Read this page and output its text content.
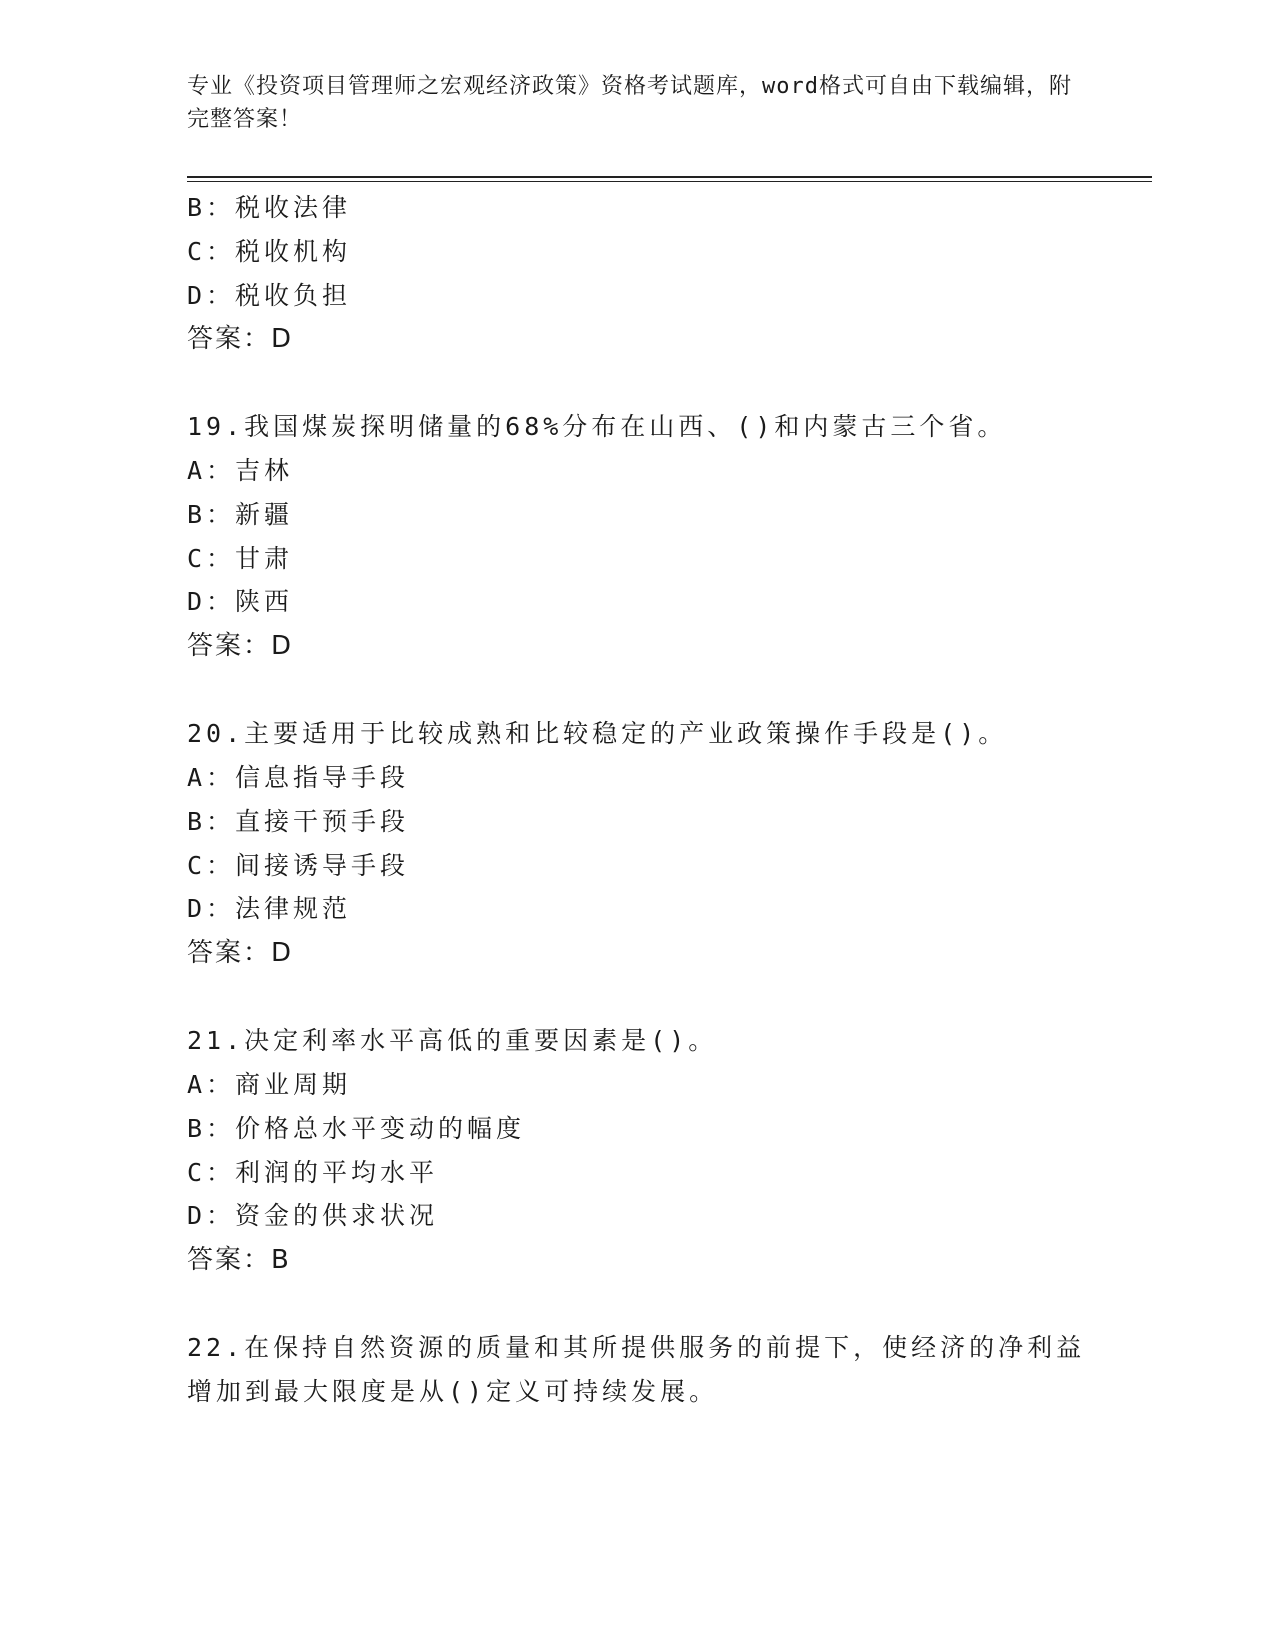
专业《投资项目管理师之宏观经济政策》资格考试题库，word格式可自由下载编辑，附完整答案！
B：税收法律
C：税收机构
D：税收负担
答案：D
19.我国煤炭探明储量的68%分布在山西、()和内蒙古三个省。
A：吉林
B：新疆
C：甘肃
D：陕西
答案：D
20.主要适用于比较成熟和比较稳定的产业政策操作手段是()。
A：信息指导手段
B：直接干预手段
C：间接诱导手段
D：法律规范
答案：D
21.决定利率水平高低的重要因素是()。
A：商业周期
B：价格总水平变动的幅度
C：利润的平均水平
D：资金的供求状况
答案：B
22.在保持自然资源的质量和其所提供服务的前提下，使经济的净利益
增加到最大限度是从()定义可持续发展。
